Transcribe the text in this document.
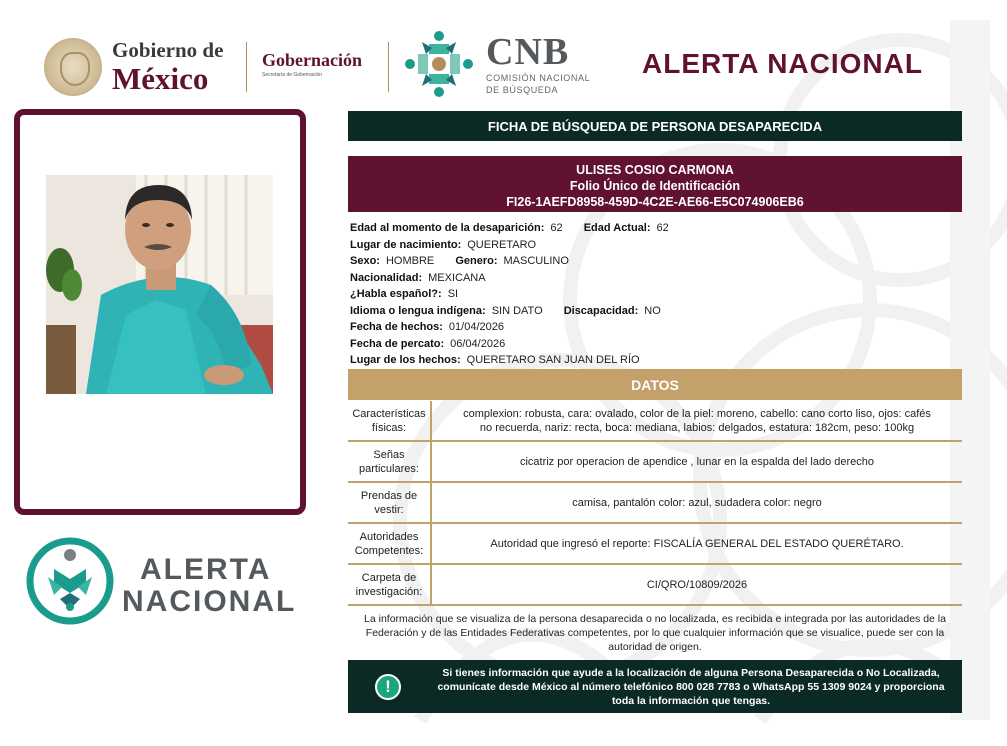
Gobierno de
México
Gobernación
Secretaría de Gobernación
CNB
COMISIÓN NACIONAL
DE BÚSQUEDA
ALERTA NACIONAL
ALERTA
NACIONAL
FICHA DE BÚSQUEDA DE PERSONA DESAPARECIDA
ULISES COSIO CARMONA
Folio Único de Identificación
FI26-1AEFD8958-459D-4C2E-AE66-E5C074906EB6
Edad al momento de la desaparición: 62 Edad Actual: 62
Lugar de nacimiento: QUERETARO
Sexo: HOMBRE Genero: MASCULINO
Nacionalidad: MEXICANA
¿Habla español?: SI
Idioma o lengua indígena: SIN DATO Discapacidad: NO
Fecha de hechos: 01/04/2026
Fecha de percato: 06/04/2026
Lugar de los hechos: QUERETARO SAN JUAN DEL RÍO
DATOS
Características físicas:
complexion: robusta, cara: ovalado, color de la piel: moreno, cabello: cano corto liso, ojos: cafés no recuerda, nariz: recta, boca: mediana, labios: delgados, estatura: 182cm, peso: 100kg
Señas particulares:
cicatriz por operacion de apendice , lunar en la espalda del lado derecho
Prendas de vestir:
camisa, pantalón color: azul, sudadera color: negro
Autoridades Competentes:
Autoridad que ingresó el reporte: FISCALÍA GENERAL DEL ESTADO QUERÉTARO.
Carpeta de investigación:
CI/QRO/10809/2026
La información que se visualiza de la persona desaparecida o no localizada, es recibida e integrada por las autoridades de la Federación y de las Entidades Federativas competentes, por lo que cualquier información que se visualice, puede ser con la autoridad de origen.
!
Si tienes información que ayude a la localización de alguna Persona Desaparecida o No Localizada, comunícate desde México al número telefónico 800 028 7783 o WhatsApp 55 1309 9024 y proporciona toda la información que tengas.
